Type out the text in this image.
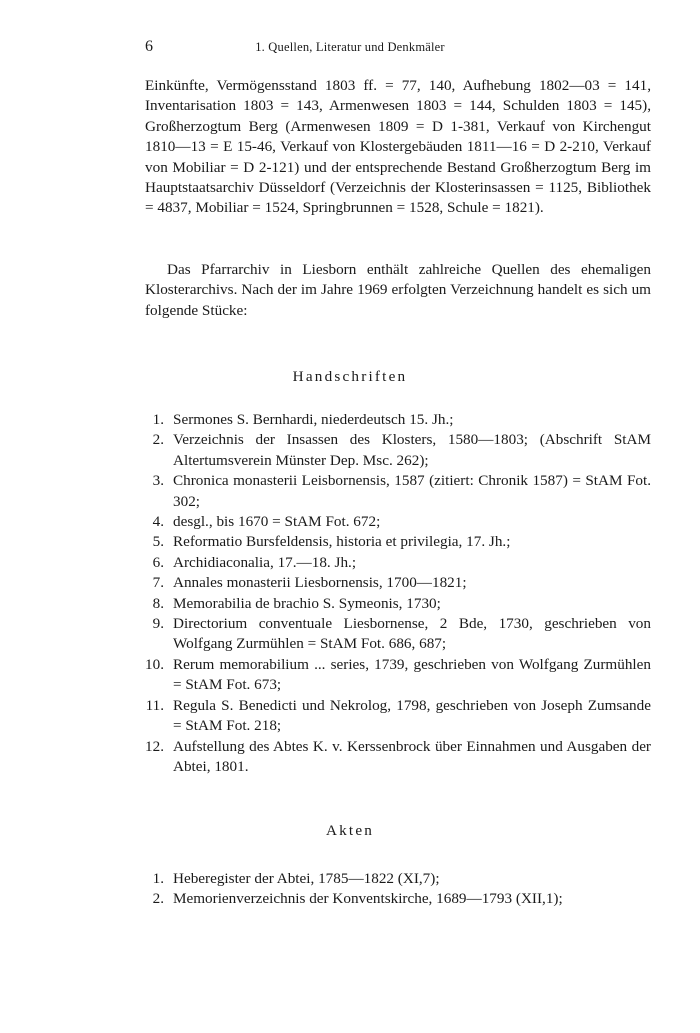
6	1. Quellen, Literatur und Denkmäler

Einkünfte, Vermögensstand 1803 ff. = 77, 140, Aufhebung 1802—03 = 141, Inventarisation 1803 = 143, Armenwesen 1803 = 144, Schulden 1803 = 145), Großherzogtum Berg (Armenwesen 1809 = D 1-381, Verkauf von Kirchengut 1810—13 = E 15-46, Verkauf von Klostergebäuden 1811—16 = D 2-210, Verkauf von Mobiliar = D 2-121) und der entsprechende Bestand Großherzogtum Berg im Hauptstaatsarchiv Düsseldorf (Verzeichnis der Klosterinsassen = 1125, Bibliothek = 4837, Mobiliar = 1524, Springbrunnen = 1528, Schule = 1821).

Das Pfarrarchiv in Liesborn enthält zahlreiche Quellen des ehemaligen Klosterarchivs. Nach der im Jahre 1969 erfolgten Verzeichnung handelt es sich um folgende Stücke:

Handschriften
1. Sermones S. Bernhardi, niederdeutsch 15. Jh.;
2. Verzeichnis der Insassen des Klosters, 1580—1803; (Abschrift StAM Altertumsverein Münster Dep. Msc. 262);
3. Chronica monasterii Leisbornensis, 1587 (zitiert: Chronik 1587) = StAM Fot. 302;
4. desgl., bis 1670 = StAM Fot. 672;
5. Reformatio Bursfeldensis, historia et privilegia, 17. Jh.;
6. Archidiaconalia, 17.—18. Jh.;
7. Annales monasterii Liesbornensis, 1700—1821;
8. Memorabilia de brachio S. Symeonis, 1730;
9. Directorium conventuale Liesbornense, 2 Bde, 1730, geschrieben von Wolfgang Zurmühlen = StAM Fot. 686, 687;
10. Rerum memorabilium ... series, 1739, geschrieben von Wolfgang Zurmühlen = StAM Fot. 673;
11. Regula S. Benedicti und Nekrolog, 1798, geschrieben von Joseph Zumsande = StAM Fot. 218;
12. Aufstellung des Abtes K. v. Kerssenbrock über Einnahmen und Ausgaben der Abtei, 1801.
Akten
1. Heberegister der Abtei, 1785—1822 (XI,7);
2. Memorienverzeichnis der Konventskirche, 1689—1793 (XII,1);
